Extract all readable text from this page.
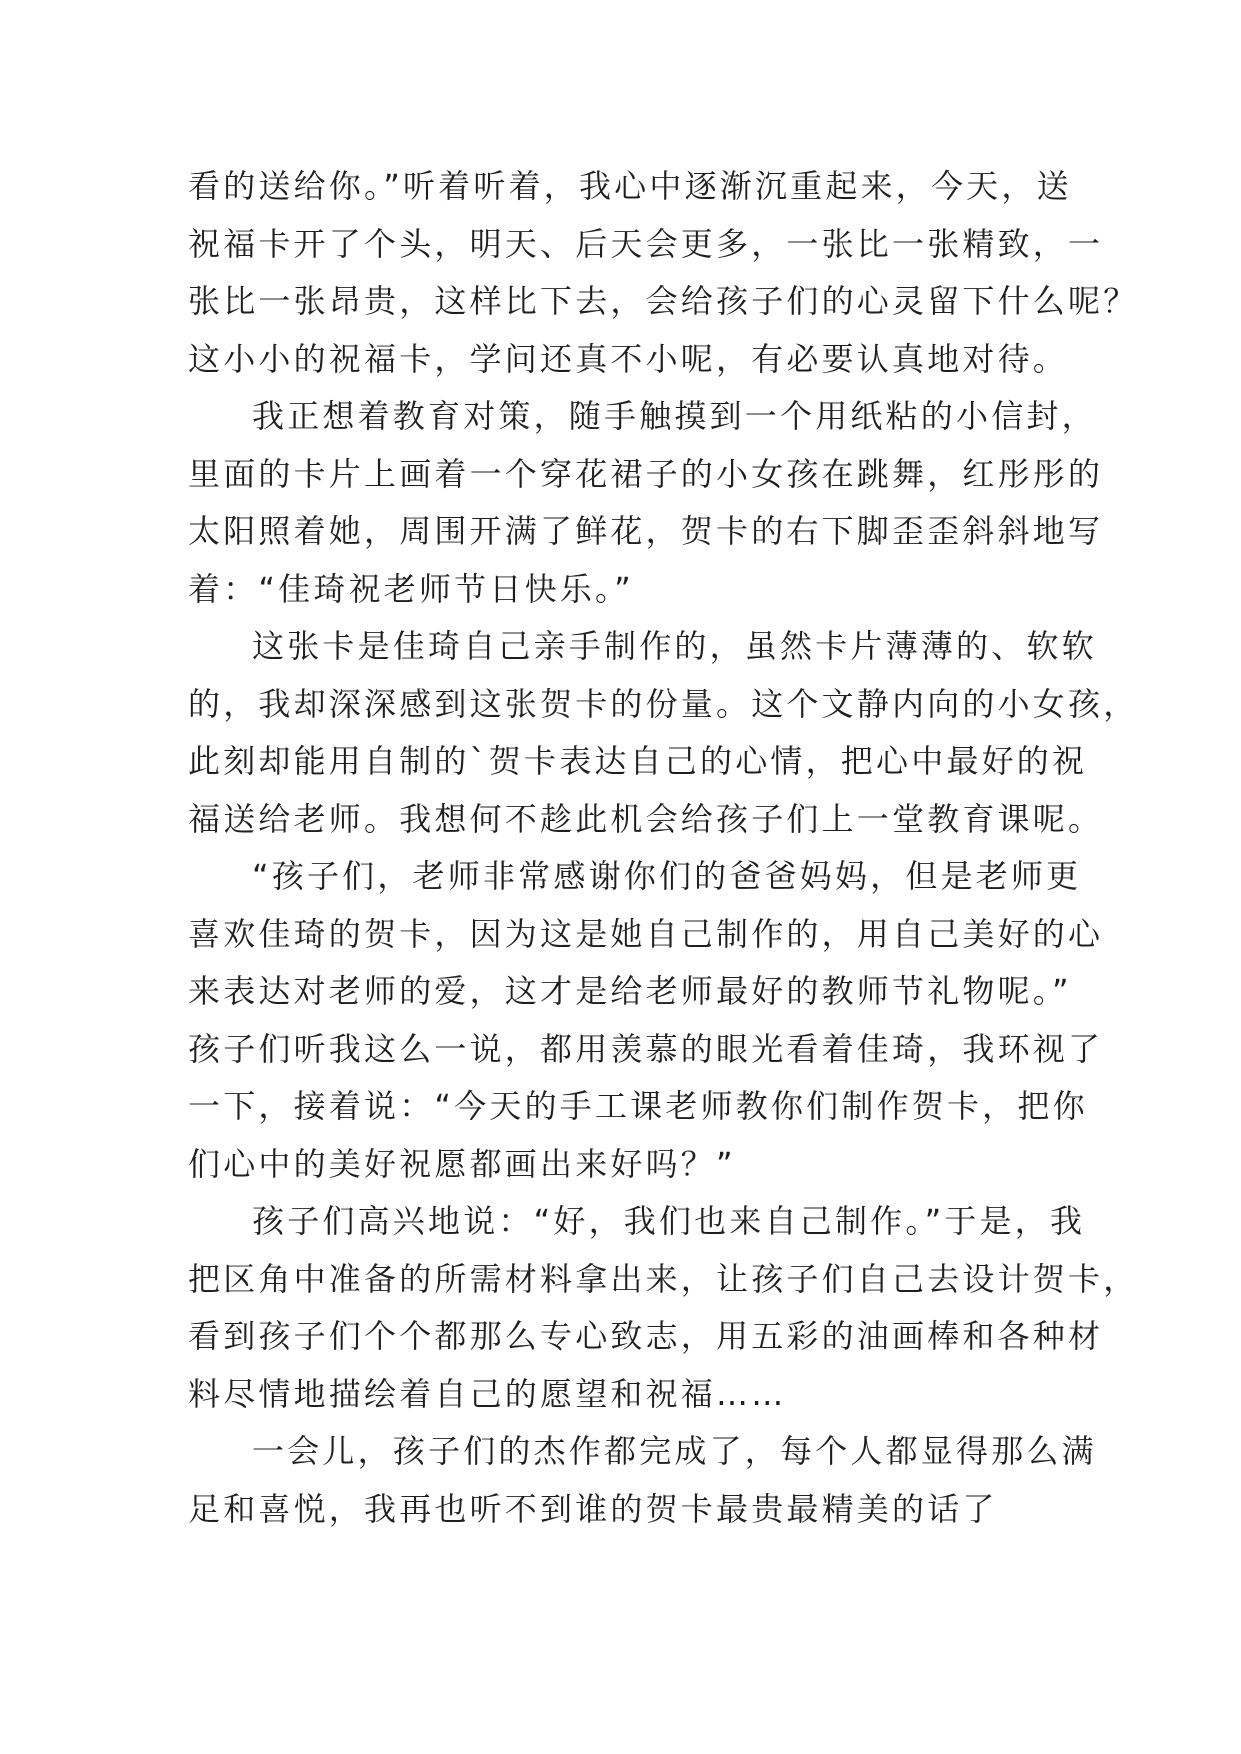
看的送给你。”听着听着，我心中逐渐沉重起来，今天，送
祝福卡开了个头，明天、后天会更多，一张比一张精致，一
张比一张昂贵，这样比下去，会给孩子们的心灵留下什么呢？
这小小的祝福卡，学问还真不小呢，有必要认真地对待。
我正想着教育对策，随手触摸到一个用纸粘的小信封，
里面的卡片上画着一个穿花裙子的小女孩在跳舞，红彤彤的
太阳照着她，周围开满了鲜花，贺卡的右下脚歪歪斜斜地写
着：“佳琦祝老师节日快乐。”
这张卡是佳琦自己亲手制作的，虽然卡片薄薄的、软软
的，我却深深感到这张贺卡的份量。这个文静内向的小女孩，
此刻却能用自制的`贺卡表达自己的心情，把心中最好的祝
福送给老师。我想何不趁此机会给孩子们上一堂教育课呢。
“孩子们，老师非常感谢你们的爸爸妈妈，但是老师更
喜欢佳琦的贺卡，因为这是她自己制作的，用自己美好的心
来表达对老师的爱，这才是给老师最好的教师节礼物呢。”
孩子们听我这么一说，都用羡慕的眼光看着佳琦，我环视了
一下，接着说：“今天的手工课老师教你们制作贺卡，把你
们心中的美好祝愿都画出来好吗？”
孩子们高兴地说：“好，我们也来自己制作。”于是，我
把区角中准备的所需材料拿出来，让孩子们自己去设计贺卡，
看到孩子们个个都那么专心致志，用五彩的油画棒和各种材
料尽情地描绘着自己的愿望和祝福……
一会儿，孩子们的杰作都完成了，每个人都显得那么满
足和喜悦，我再也听不到谁的贺卡最贵最精美的话了
